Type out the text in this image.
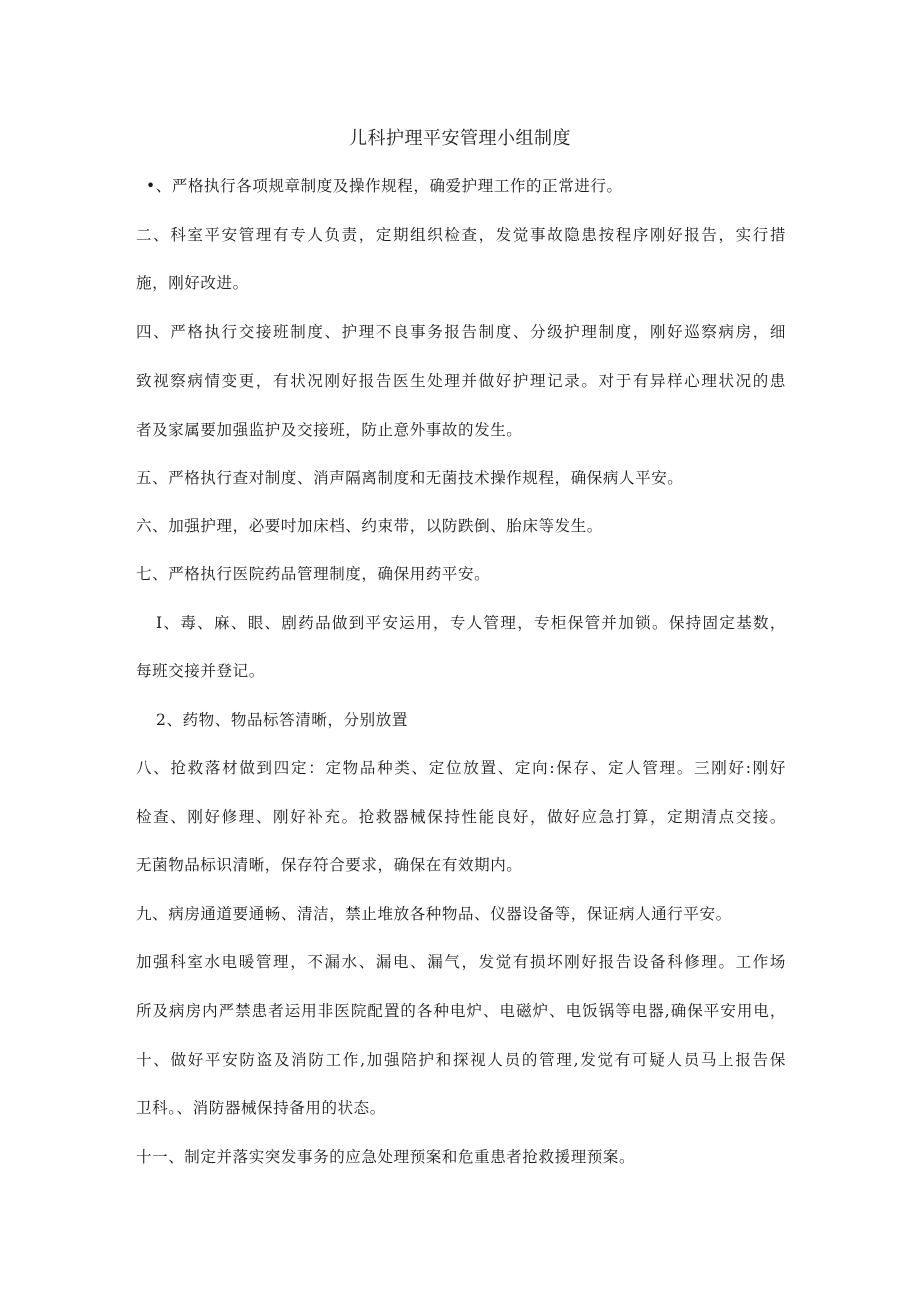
儿科护理平安管理小组制度

•、严格执行各项规章制度及操作规程，确爱护理工作的正常进行。

二、科室平安管理有专人负责，定期组织检查，发觉事故隐患按程序刚好报告，实行措

施，刚好改进。

四、严格执行交接班制度、护理不良事务报告制度、分级护理制度，刚好巡察病房，细

致视察病情变更，有状况刚好报告医生处理并做好护理记录。对于有异样心理状况的患

者及家属要加强监护及交接班，防止意外事故的发生。

五、严格执行查对制度、消声隔离制度和无菌技术操作规程，确保病人平安。

六、加强护理，必要吋加床档、约束带，以防跌倒、胎床等发生。

七、严格执行医院药品管理制度，确保用药平安。

I、毒、麻、眼、剧药品做到平安运用，专人管理，专柜保管并加锁。保持固定基数，

每班交接并登记。

2、药物、物品标答清晰，分别放置

八、抢救落材做到四定：定物品种类、定位放置、定向:保存、定人管理。三刚好:刚好

检查、刚好修理、刚好补充。抢救器械保持性能良好，做好应急打算，定期清点交接。

无菌物品标识清晰，保存符合要求，确保在有效期内。

九、病房通道要通畅、清洁，禁止堆放各种物品、仪器设备等，保证病人通行平安。

加强科室水电暖管理，不漏水、漏电、漏气，发觉有损坏刚好报告设备科修理。工作场

所及病房内严禁患者运用非医院配置的各种电炉、电磁炉、电饭锅等电器,确保平安用电，

十、做好平安防盗及消防工作,加强陪护和探视人员的管理,发觉有可疑人员马上报告保

卫科。、消防器械保持备用的状态。

十一、制定并落实突发事务的应急处理预案和危重患者抢救援理预案。
